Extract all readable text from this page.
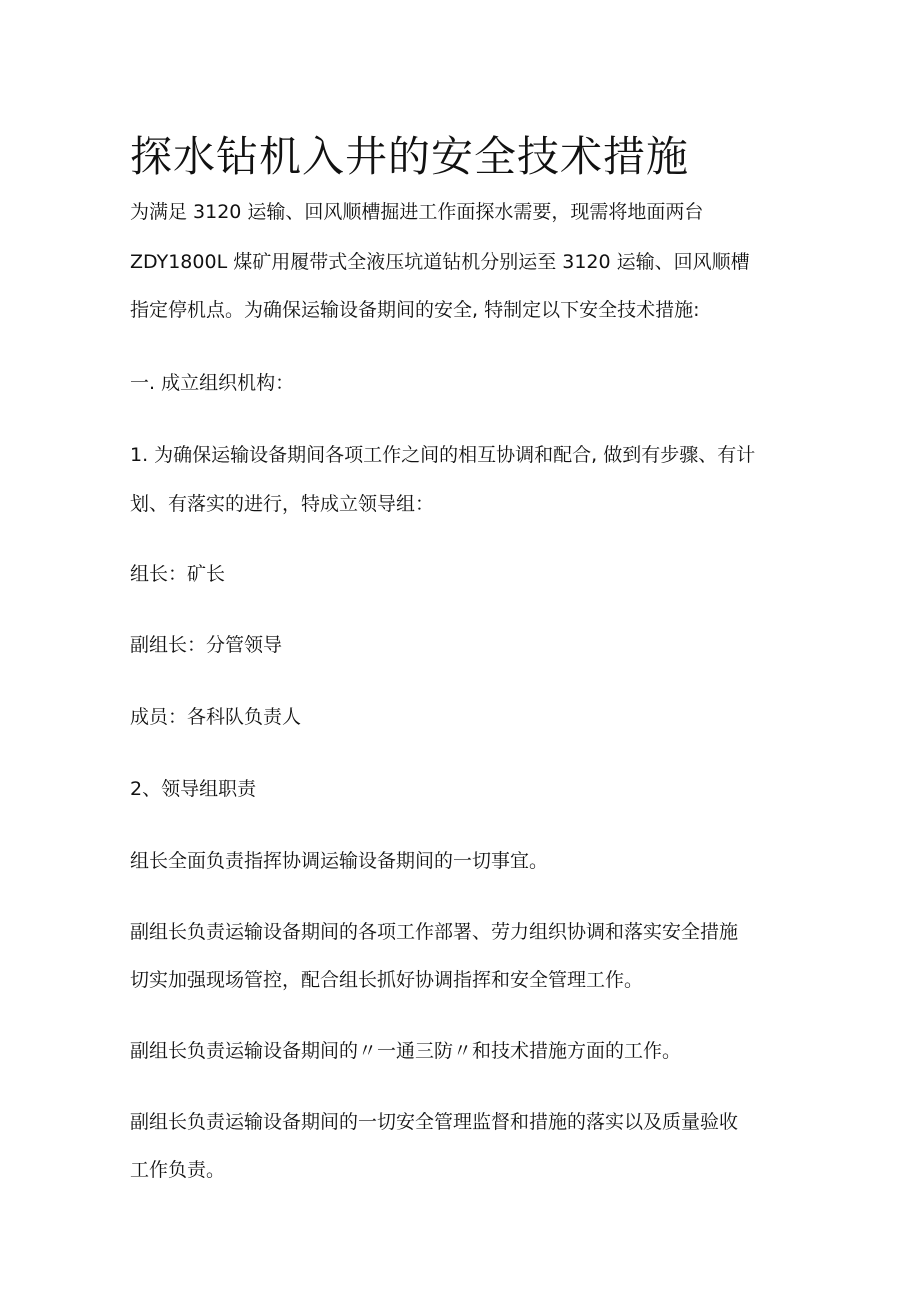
探水钻机入井的安全技术措施

为满足 3120 运输、回风顺槽掘进工作面探水需要，现需将地面两台

ZDY1800L 煤矿用履带式全液压坑道钻机分别运至 3120 运输、回风顺槽

指定停机点。为确保运输设备期间的安全, 特制定以下安全技术措施:

一. 成立组织机构：

1. 为确保运输设备期间各项工作之间的相互协调和配合, 做到有步骤、有计

划、有落实的进行，特成立领导组：

组长：矿长

副组长：分管领导

成员：各科队负责人

2、领导组职责

组长全面负责指挥协调运输设备期间的一切事宜。

副组长负责运输设备期间的各项工作部署、劳力组织协调和落实安全措施

切实加强现场管控，配合组长抓好协调指挥和安全管理工作。

副组长负责运输设备期间的〃一通三防〃和技术措施方面的工作。

副组长负责运输设备期间的一切安全管理监督和措施的落实以及质量验收

工作负责。
